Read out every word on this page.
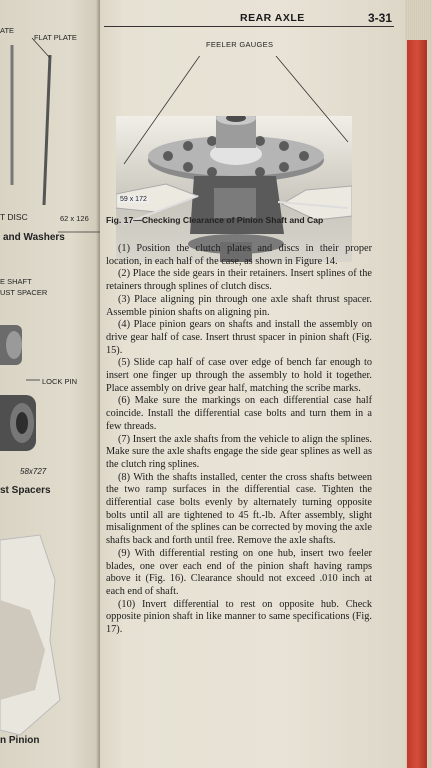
ATE
FLAT PLATE
T DISC	62 x 126
and Washers
E SHAFT
UST SPACER
LOCK PIN
58x727
st Spacers
n Pinion
REAR AXLE	3-31
FEELER GAUGES
59 x 172
Fig. 17—Checking Clearance of Pinion Shaft and Cap

(1) Position the clutch plates and discs in their proper location, in each half of the case, as shown in Figure 14.

(2) Place the side gears in their retainers. Insert splines of the retainers through splines of clutch discs.

(3) Place aligning pin through one axle shaft thrust spacer. Assemble pinion shafts on aligning pin.

(4) Place pinion gears on shafts and install the assembly on drive gear half of case. Insert thrust spacer in pinion shaft (Fig. 15).

(5) Slide cap half of case over edge of bench far enough to insert one finger up through the assembly to hold it together. Place assembly on drive gear half, matching the scribe marks.

(6) Make sure the markings on each differential case half coincide. Install the differential case bolts and turn them in a few threads.

(7) Insert the axle shafts from the vehicle to align the splines. Make sure the axle shafts engage the side gear splines as well as the clutch ring splines.

(8) With the shafts installed, center the cross shafts between the two ramp surfaces in the differential case. Tighten the differential case bolts evenly by alternately turning opposite bolts until all are tightened to 45 ft.-lb. After assembly, slight misalignment of the splines can be corrected by moving the axle shafts back and forth until free. Remove the axle shafts.

(9) With differential resting on one hub, insert two feeler blades, one over each end of the pinion shaft having ramps above it (Fig. 16). Clearance should not exceed .010 inch at each end of shaft.

(10) Invert differential to rest on opposite hub. Check opposite pinion shaft in like manner to same specifications (Fig. 17).
